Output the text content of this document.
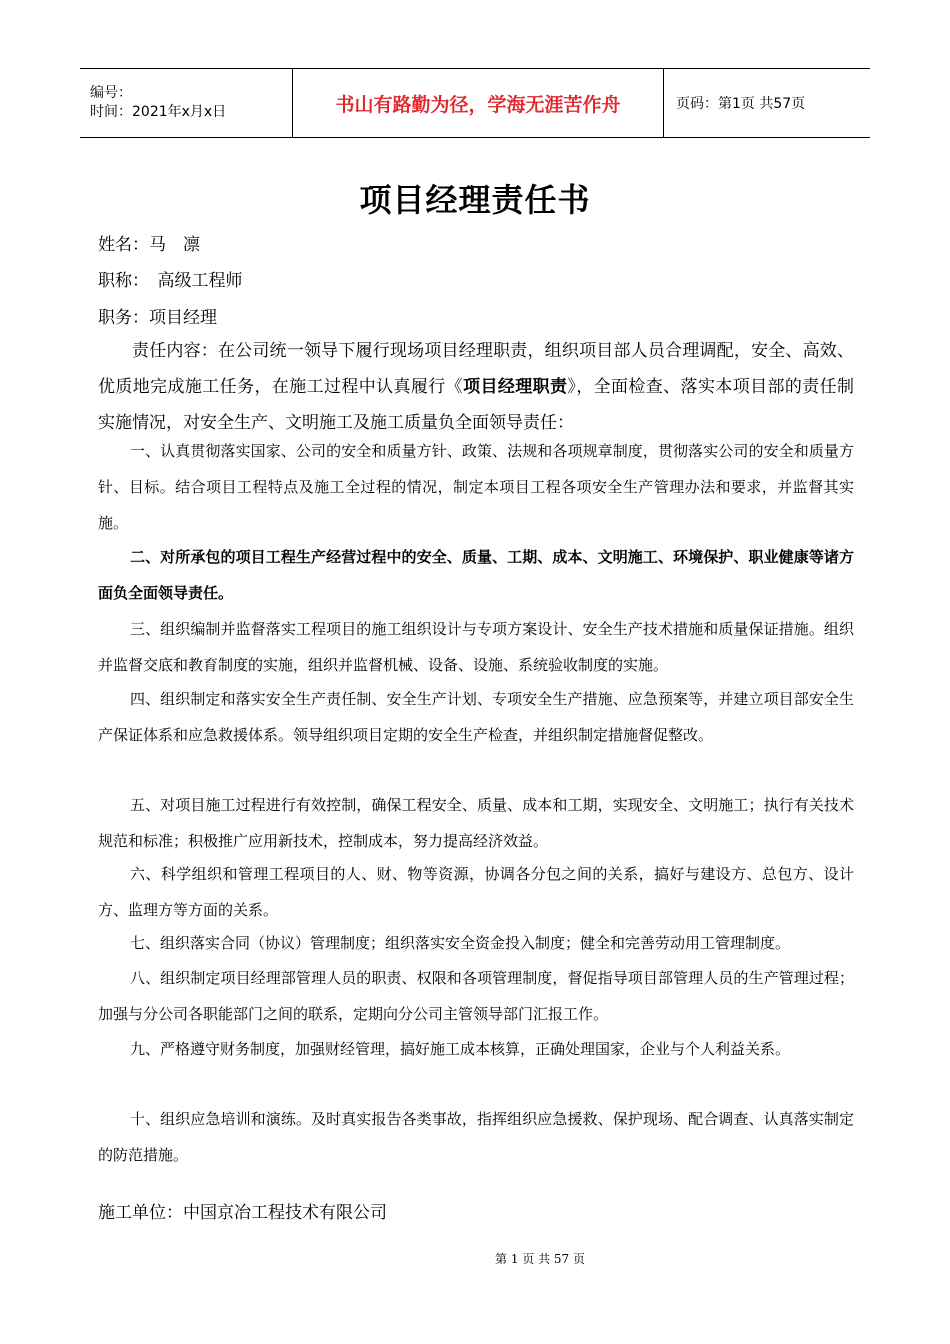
编号：
时间：2021年x月x日	书山有路勤为径，学海无涯苦作舟	页码：第1页 共57页
项目经理责任书
姓名：马　凛
职称：　高级工程师
职务：项目经理
责任内容：在公司统一领导下履行现场项目经理职责，组织项目部人员合理调配，安全、高效、优质地完成施工任务，在施工过程中认真履行《项目经理职责》，全面检查、落实本项目部的责任制实施情况，对安全生产、文明施工及施工质量负全面领导责任：
一、认真贯彻落实国家、公司的安全和质量方针、政策、法规和各项规章制度，贯彻落实公司的安全和质量方针、目标。结合项目工程特点及施工全过程的情况，制定本项目工程各项安全生产管理办法和要求，并监督其实施。
二、对所承包的项目工程生产经营过程中的安全、质量、工期、成本、文明施工、环境保护、职业健康等诸方面负全面领导责任。
三、组织编制并监督落实工程项目的施工组织设计与专项方案设计、安全生产技术措施和质量保证措施。组织并监督交底和教育制度的实施，组织并监督机械、设备、设施、系统验收制度的实施。
四、组织制定和落实安全生产责任制、安全生产计划、专项安全生产措施、应急预案等，并建立项目部安全生产保证体系和应急救援体系。领导组织项目定期的安全生产检查，并组织制定措施督促整改。
五、对项目施工过程进行有效控制，确保工程安全、质量、成本和工期，实现安全、文明施工；执行有关技术规范和标准；积极推广应用新技术，控制成本，努力提高经济效益。
六、科学组织和管理工程项目的人、财、物等资源，协调各分包之间的关系，搞好与建设方、总包方、设计方、监理方等方面的关系。
七、组织落实合同（协议）管理制度；组织落实安全资金投入制度；健全和完善劳动用工管理制度。
八、组织制定项目经理部管理人员的职责、权限和各项管理制度，督促指导项目部管理人员的生产管理过程；加强与分公司各职能部门之间的联系，定期向分公司主管领导部门汇报工作。
九、严格遵守财务制度，加强财经管理，搞好施工成本核算，正确处理国家，企业与个人利益关系。
十、组织应急培训和演练。及时真实报告各类事故，指挥组织应急援救、保护现场、配合调查、认真落实制定的防范措施。
施工单位：中国京冶工程技术有限公司
第 1 页 共 57 页
